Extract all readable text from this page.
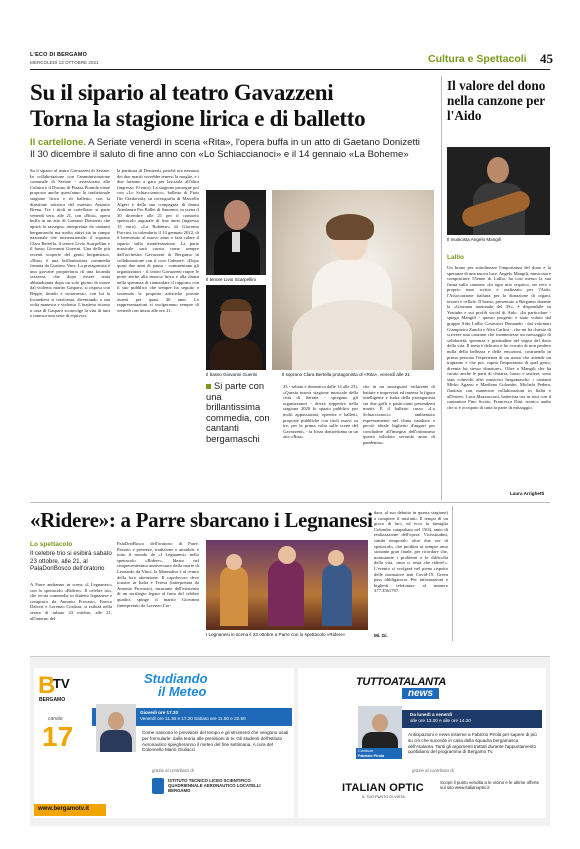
L'ECO DI BERGAMO
MERCOLEDÌ 13 OTTOBRE 2021	Cultura e Spettacoli 45
Su il sipario al teatro Gavazzeni
Torna la stagione lirica e di balletto
Il cartellone. A Seriate venerdì in scena «Rita», l'opera buffa in un atto di Gaetano Donizetti
Il 30 dicembre il saluto di fine anno con «Lo Schiaccianoci» e il 14 gennaio «La Boheme»
Su il sipario al teatro Gavazzeni di Seriate. In collaborazione con l'amministrazione comunale di Seriate - assessorato alla Cultura e il Ducato di Piazza Pontida viene proposta anche quest'anno la tradizionale stagione lirica e di balletto, con la direzione artistica del maestro Antonio Brena. Tre i titoli in cartellone: si parte venerdì sera, alle 21, con «Rita», opera buffa in un atto di Gaetano Donizetti che aprirà la rassegna, interpretata da cantanti bergamaschi ma molto attivi sia in campo nazionale che internazionale: il soprano Clara Bertella, il tenore Livio Scarpellini e il basso Giovanni Guerini. Una delle più recenti scoperte del genio bergamasco, «Rita» è una brillantissima commedia firmata da Gustavo Vaez. La protagonista è una giovane proprietaria di una locanda svizzera, che dopo essere stata abbandonata dopo un solo giorno di nozze dal violento marito Gasparo, si risposa con Beppe, timido e sottomesso, con lui la locandiera si trasforma, diventando a sua volta manesca e violenta. L'inatteso ritorno a casa di Gasparo sconvolge la vita di tutti e innesca una serie di equivoci.
la partitura di Donizetti, perché ora nessuno dei due mariti vorrebbe tenersi la moglie, e i due faranno a gara per lasciarla all'altro (ingresso 10 euro). La stagione prosegue poi con «Lo Schiaccianoci», balletto di Piotr Ilic Ciaikovsky su coreografia di Marcello Algeri e della sua compagnia di danza Artedanza Pro Ballet di Sanremo, in scena il 30 dicembre alle 21 per il consueto spettacolo augurale di fine anno (ingresso 15 euro). «La Bohème» di Giacomo Puccini, in calendario il 14 gennaio 2022, di il benvenuto al nuovo anno e farà calare il sipario sulla manifestazione. La parte musicale sarà curata come sempre dall'orchestra Gavazzeni di Bergamo in collaborazione con il coro Calmoré. «Dopo quasi due anni di pausa - commentano gli organizzatori - il teatro Gavazzeni riapre le porte anche alla musica lirica e alla danza nella speranza di riannodare il rapporto con il suo pubblico che sempre ha seguito e sostenuto le proposte artistiche portate avanti per quasi 30 anni. Le rappresentazioni si svolgeranno sempre di venerdì con inizio alle ore 21.
Il tenore Livio Scarpellini
Il basso Giovanni Guerini	Il soprano Clara Bertella protagonista di «Rita», venerdì alle 21
Si parte con una brillantissima commedia, con cantanti bergamaschi
23 - sabato e domenica dalle 14 alle 23). «Questa nuova stagione musicale della città di Seriate - spiegano gli organizzatori - dovrà sopperire nella stagione 2020 lo spazio pubblico per molti appassionati, operette e balletti, proposte pubbliche con titoli nuovi su tre, per la prima volta sulle scene del Gavazzeni» - la forza donizettiana in un atto «Rita».
che in un susseguirsi esilarante di battute e imprevisti ed intensa la figura intelligente e furba della protagonista sui due goffi e pasticcioni pretendenti mariti. È il balletto russo «Lo Schiaccianoci» ambientato espressamente nel clima natalizio e perciò ideale biglietto d'auguri per concludere all'insegna dell'ottimismo questo tribolato secondo anno di pandemia».
Il valore del dono nella canzone per l'Aido
Il musicista Angelo Mangili
Lallio
Un brano per sottolineare l'importanza del dono e la speranza di una nuova luce. Angelo Mangili, musicista e compositore 55enne di Lallio, ha così messo la sua firma sulla canzone «In ogni mio respiro», un vero e proprio inno scritto e realizzato per l'Aido, l'Associazione italiana per la donazione di organi, tessuti e cellule. Il brano, presentato a Bergamo durante la «Giornata nazionale del 3S», è disponibile su Youtube e sui profili social di Aido. «In particolare - spiega Mangili - questo progetto è stato voluto dal gruppo Aido Lallio Costruisci Domando - dai volontari Giampietro Zanchi e Alex Carlini -, che mi ha chiesto di scrivere una canzone che trasmettesse un messaggio di solidarietà, speranza e gratitudine nel segno del dono della vita. Il tema è delicato e ho cercato di non perdere nulla della bellezza e delle emozioni, costruendo in prima persona l'esperienza di un uomo che attende un trapianto e che poi, capita l'importanza di quel gesto, diventa lui stesso donatore». Oltre a Mangili che ha curato anche le parti di chitarra, basso e tastiere, sono stati coinvolti altri musicisti bergamaschi: i cantanti Mirko Agazzi e Marilena Colombo, Michela Pedera, flautista con numerose collaborazioni in Italia e all'estero, Luca Mazzucconi, batterista ora in tour con il cantautore Pino Scotto, Francesco Dini, tecnico audio che si è occupato di tutta la parte di missaggio.
Laura Arrighetti
«Ridere»: a Parre sbarcano i Legnanesi
Lo spettacolo
Il celebre trio si esibirà sabato 23 ottobre, alle 21, al PalaDonBosco dell'oratorio
A Parre andranno in scena «I Legnanesi» con lo spettacolo «Ridere». Il celebre trio, che recita commedie in dialetto legnanese e composto da Antonio Provasio, Enrico Dalceri e Lorenzo Cordara, si esibirà nella serata di sabato 23 ottobre, alle 21, all'interno del
PalaDonBosco dell'oratorio di Parre. Passato e presente, tradizione e attualità: è tutto il mondo de «I Legnanesi» nello spettacolo «Ridere». Ideato nel cinquecentesimo anniversario della morte di Leonardo da Vinci, la Monnalisa è al centro della loro attenzione. Il capolavoro deve tornare in Italia e Teresa (interpretata da Antonio Provasio), incurante dell'esistenza di un sortilegio legato al furto del celebre quadro, spinge il marito Giovanni (interpretato da Lorenzo Cor-
I Legnanesi in scena il 23 ottobre a Parre con lo spettacolo «Ridere»
dara, al suo debutto in questa stagione) a compiere il misfatto. Il tempo di un gioco di luci, ed ecco la famiglia Colombo catapultata nel 1504, anno di realizzazione dell'opera. Vicissitudini, cambi temporali: oltre due ore di spettacolo, che proibirà ai sempre omo sionante gran finale, per ricordare che, nonostante i problemi e le difficoltà della vita, «non ci resta che ridere!». L'evento si svolgerà nel pieno rispetto delle normative anti Covid-19. Green pass obbligatorio. Per informazioni e biglietti telefonare al numero 377.3561787.
Mi. Gi.
B
TV
BERGAMO
canale
17
www.bergamotv.it
Studiando
il Meteo
Giovedì ore 17.20
Venerdì ore 11.30 e 17.20 Sabato ore 11.50 e 22.50
Come nascono le previsioni del tempo e gli strumenti che vengono usati per formularle: dalla teoria alle previsioni in tv. Gli studenti dell'Istituto Aeronautico spiegheranno il meteo del fine settimana. A cura del Colonnello Mario Giuliacci
grazie al contributo di
ISTITUTO TECNICO LICEO SCIENTIFICO QUADRIENNALE AERONAUTICO LOCATELLI BERGAMO
TUTTOATALANTA
news
Da lunedì a venerdì
alle ore 13.00 e alle ore 14.30
Conduce
Fabrizio Pirola
Anticipazioni e news insieme a Fabrizio Pirola per sapere di più su ciò che succede in casa della squadra bergamasca dell'Atalanta. Tanti gli argomenti trattati durante l'appuntamento quotidiano del programma di Bergamo Tv.
grazie al contributo di
ITALIAN OPTIC
IL TUO PUNTO DI VISTA
Scopri il punto vendita a te vicino e le ultime offerte sul sito www.italianoptic.it
